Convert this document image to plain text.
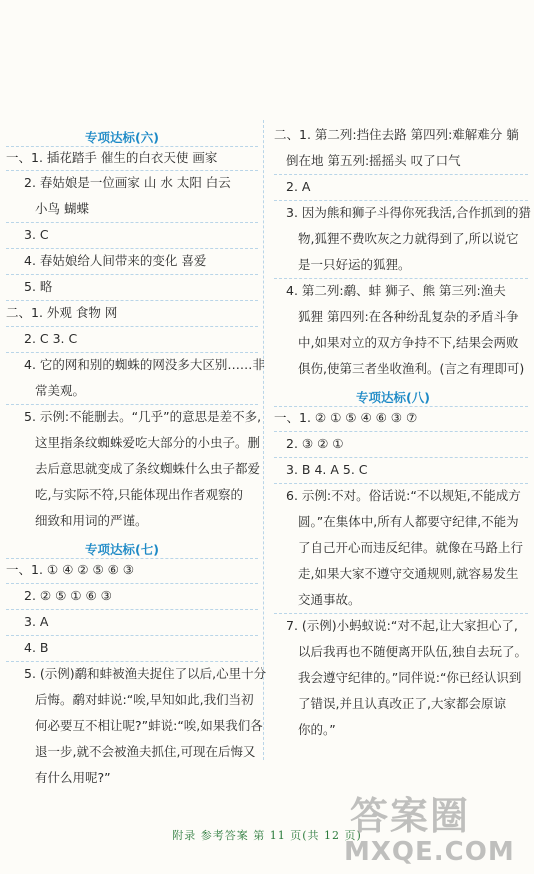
专项达标(六)
一、1. 插花踏手 催生的白衣天使 画家
2. 春姑娘是一位画家 山 水 太阳 白云
小鸟 蝴蝶
3. C
4. 春姑娘给人间带来的变化 喜爱
5. 略
二、1. 外观 食物 网
2. C 3. C
4. 它的网和别的蜘蛛的网没多大区别……非
常美观。
5. 示例:不能删去。“几乎”的意思是差不多,
这里指条纹蜘蛛爱吃大部分的小虫子。删
去后意思就变成了条纹蜘蛛什么虫子都爱
吃,与实际不符,只能体现出作者观察的
细致和用词的严谨。
专项达标(七)
一、1. ① ④ ② ⑤ ⑥ ③
2. ② ⑤ ① ⑥ ③
3. A
4. B
5. (示例)鹬和蚌被渔夫捉住了以后,心里十分
后悔。鹬对蚌说:“唉,早知如此,我们当初
何必要互不相让呢?”蚌说:“唉,如果我们各
退一步,就不会被渔夫抓住,可现在后悔又
有什么用呢?”
二、1. 第二列:挡住去路 第四列:难解难分 躺
倒在地 第五列:摇摇头 叹了口气
2. A
3. 因为熊和狮子斗得你死我活,合作抓到的猎
物,狐狸不费吹灰之力就得到了,所以说它
是一只好运的狐狸。
4. 第二列:鹬、蚌 狮子、熊 第三列:渔夫
狐狸 第四列:在各种纷乱复杂的矛盾斗争
中,如果对立的双方争持不下,结果会两败
俱伤,使第三者坐收渔利。(言之有理即可)
专项达标(八)
一、1. ② ① ⑤ ④ ⑥ ③ ⑦
2. ③ ② ①
3. B 4. A 5. C
6. 示例:不对。俗话说:“不以规矩,不能成方
圆。”在集体中,所有人都要守纪律,不能为
了自己开心而违反纪律。就像在马路上行
走,如果大家不遵守交通规则,就容易发生
交通事故。
7. (示例)小蚂蚁说:“对不起,让大家担心了,
以后我再也不随便离开队伍,独自去玩了。
我会遵守纪律的。”同伴说:“你已经认识到
了错误,并且认真改正了,大家都会原谅
你的。”
附录 参考答案 第 11 页(共 12 页)
答案圈
MXQE.COM
